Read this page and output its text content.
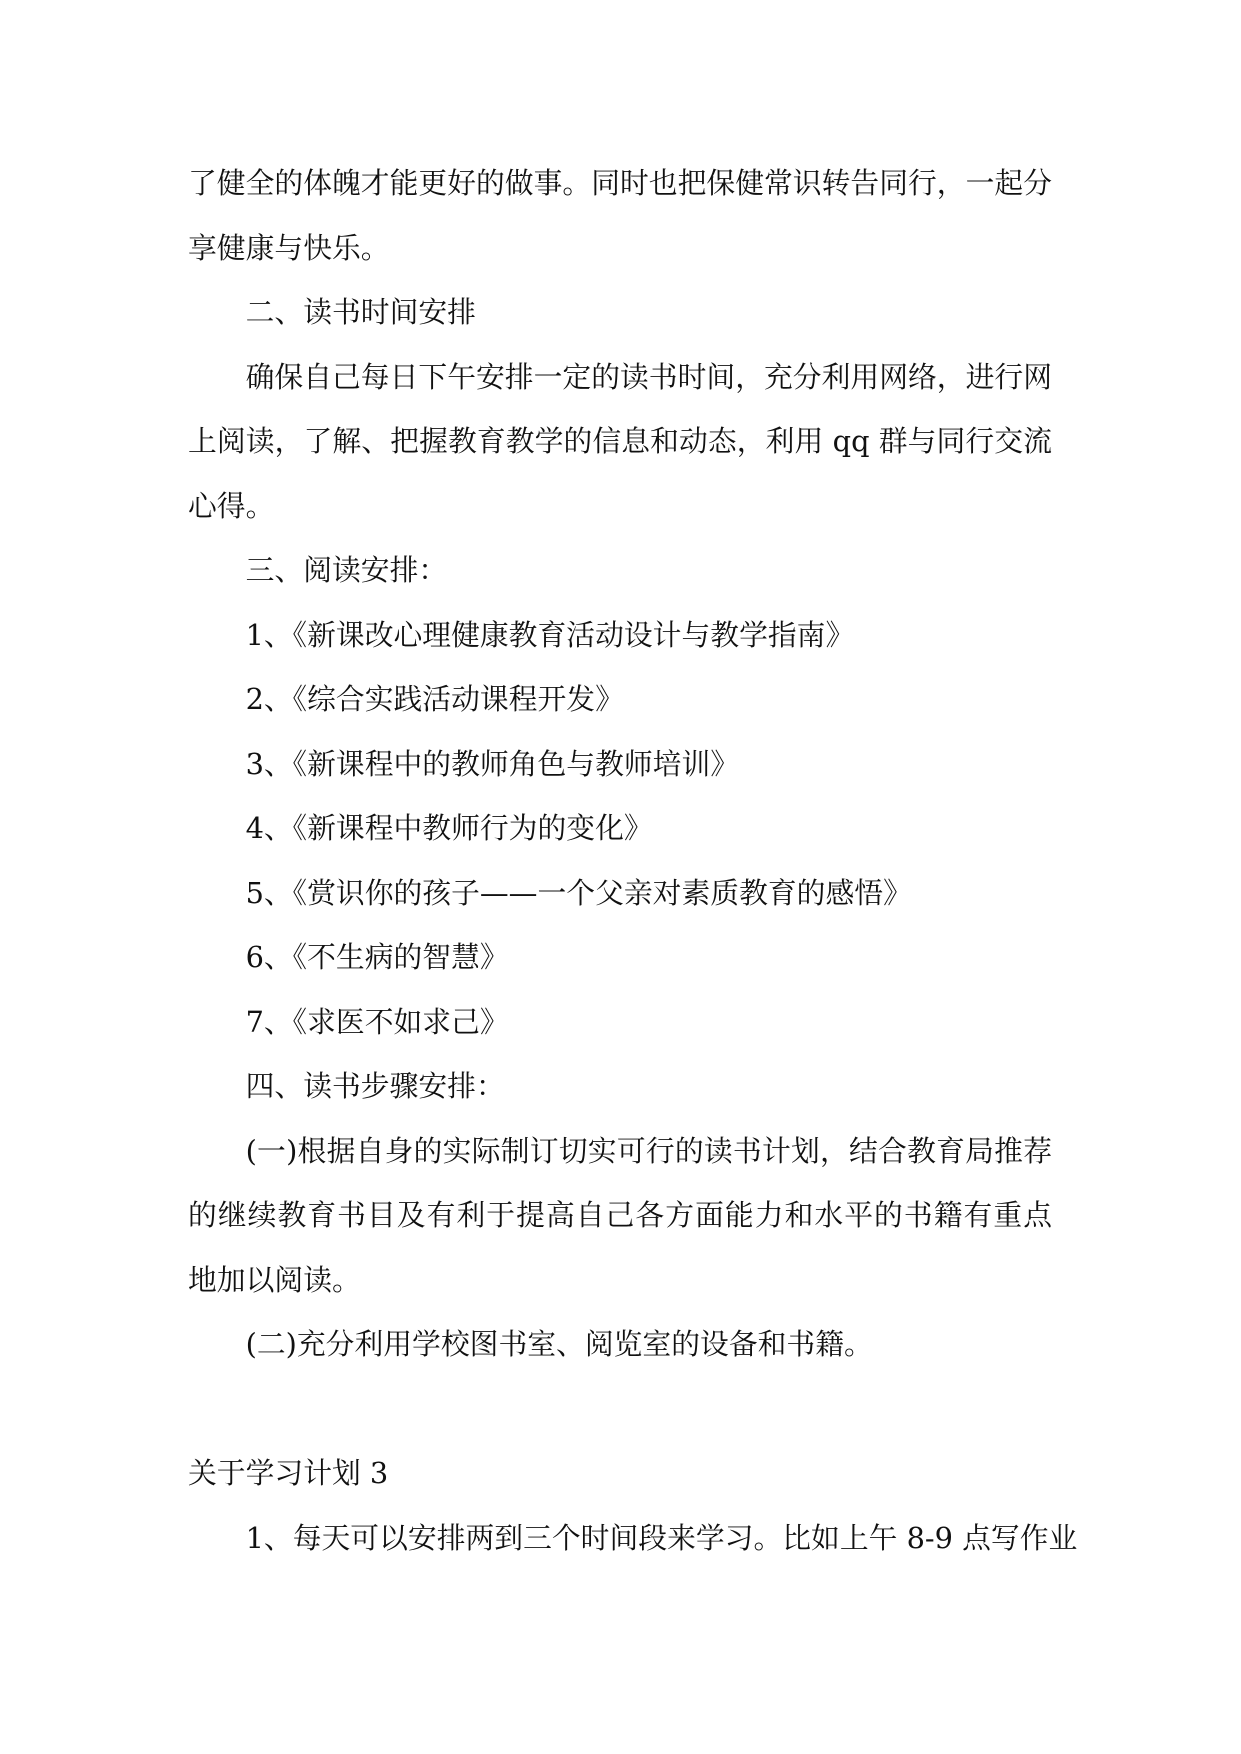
了健全的体魄才能更好的做事。同时也把保健常识转告同行，一起分
享健康与快乐。
二、读书时间安排
确保自己每日下午安排一定的读书时间，充分利用网络，进行网
上阅读，了解、把握教育教学的信息和动态，利用 qq 群与同行交流
心得。
三、阅读安排：
1、《新课改心理健康教育活动设计与教学指南》
2、《综合实践活动课程开发》
3、《新课程中的教师角色与教师培训》
4、《新课程中教师行为的变化》
5、《赏识你的孩子——一个父亲对素质教育的感悟》
6、《不生病的智慧》
7、《求医不如求己》
四、读书步骤安排：
(一)根据自身的实际制订切实可行的读书计划，结合教育局推荐
的继续教育书目及有利于提高自己各方面能力和水平的书籍有重点
地加以阅读。
(二)充分利用学校图书室、阅览室的设备和书籍。
关于学习计划 3
1、每天可以安排两到三个时间段来学习。比如上午 8-9 点写作业
